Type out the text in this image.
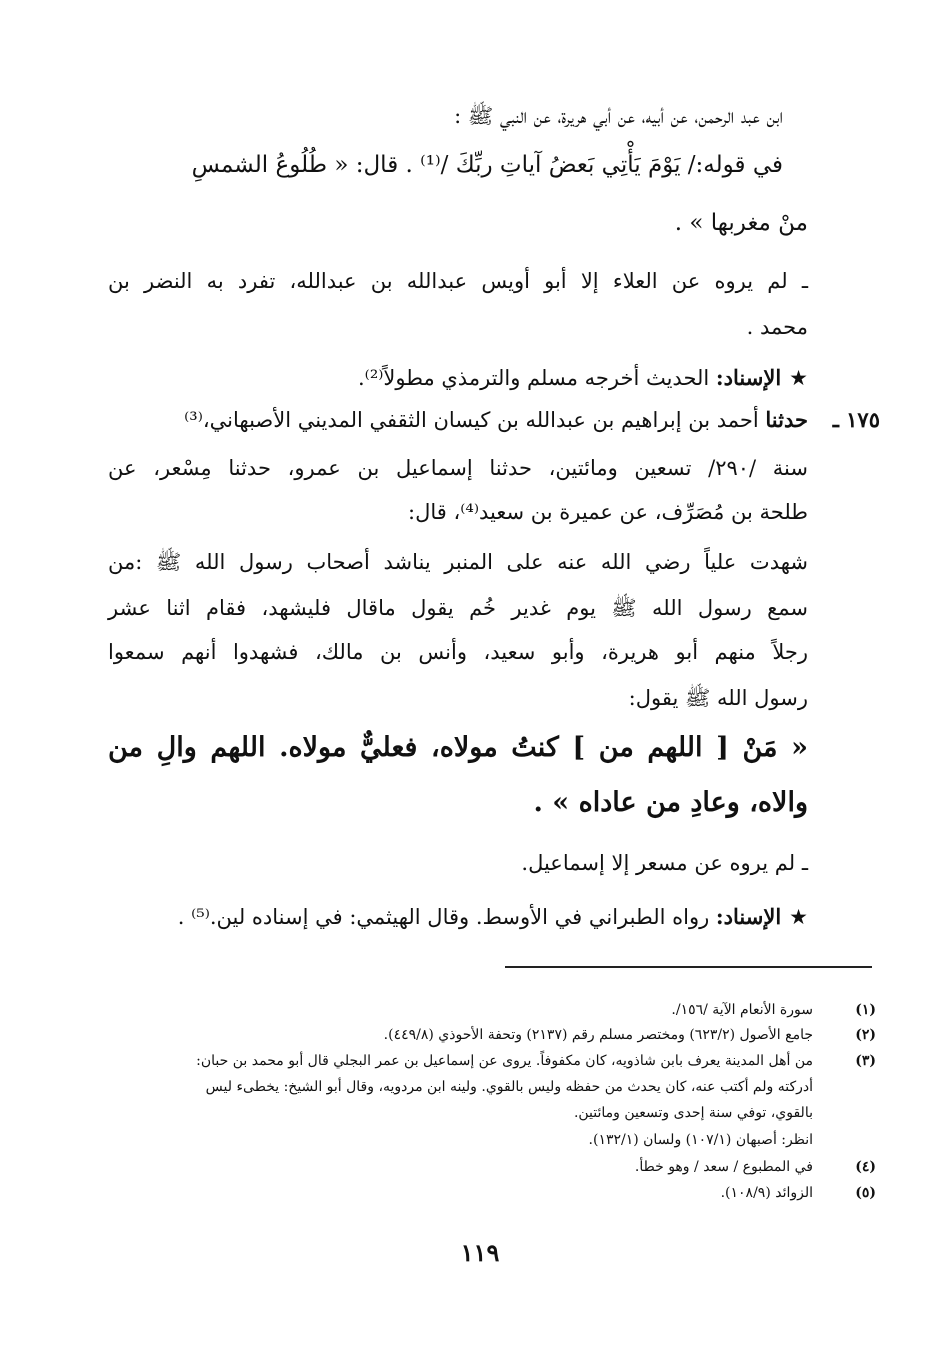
ابن عبد الرحمن، عن أبيه، عن أبي هريرة، عن النبي ﷺ :
في قوله:/ يَوْمَ يَأْتِي بَعضُ آياتِ ربِّكَ /⁽¹⁾ . قال: « طُلُوعُ الشمسِ
منْ مغربها » .
ـ لم يروه عن العلاء إلا أبو أويس عبدالله بن عبدالله، تفرد به النضر بن
محمد .
★الإسناد: الحديث أخرجه مسلم والترمذي مطولاً⁽²⁾.
١٧٥ ـ
حدثنا أحمد بن إبراهيم بن عبدالله بن كيسان الثقفي المديني الأصبهاني،⁽³⁾
سنة /٢٩٠/ تسعين ومائتين، حدثنا إسماعيل بن عمرو، حدثنا مِسْعر، عن
طلحة بن مُصَرِّف، عن عميرة بن سعيد⁽⁴⁾، قال:
شهدت علياً رضي الله عنه على المنبر يناشد أصحاب رسول الله ﷺ :من
سمع رسول الله ﷺ يوم غدير خُم يقول ماقال فليشهد، فقام اثنا عشر
رجلاً منهم أبو هريرة، وأبو سعيد، وأنس بن مالك، فشهدوا أنهم سمعوا
رسول الله ﷺ يقول:
« مَنْ [ اللهم من ] كنتُ مولاه، فعليٌّ مولاه. اللهم والِ من
والاه، وعادِ من عاداه » .
ـ لم يروه عن مسعر إلا إسماعيل.
★الإسناد: رواه الطبراني في الأوسط. وقال الهيثمي: في إسناده لين.⁽⁵⁾ .
(١)
سورة الأنعام الآية /١٥٦/.
(٢)
جامع الأصول (٦٢٣/٢) ومختصر مسلم رقم (٢١٣٧) وتحفة الأحوذي (٤٤٩/٨).
(٣)
من أهل المدينة يعرف بابن شاذويه، كان مكفوفاً. يروى عن إسماعيل بن عمر البجلي قال أبو محمد بن حبان:
أدركته ولم أكتب عنه، كان يحدث من حفظه وليس بالقوي. ولينه ابن مردويه، وقال أبو الشيخ: يخطىء ليس
بالقوي، توفي سنة إحدى وتسعين ومائتين.
انظر: أصبهان (١٠٧/١) ولسان (١٣٢/١).
(٤)
في المطبوع / سعد / وهو خطأ.
(٥)
الزوائد (١٠٨/٩).
١١٩
